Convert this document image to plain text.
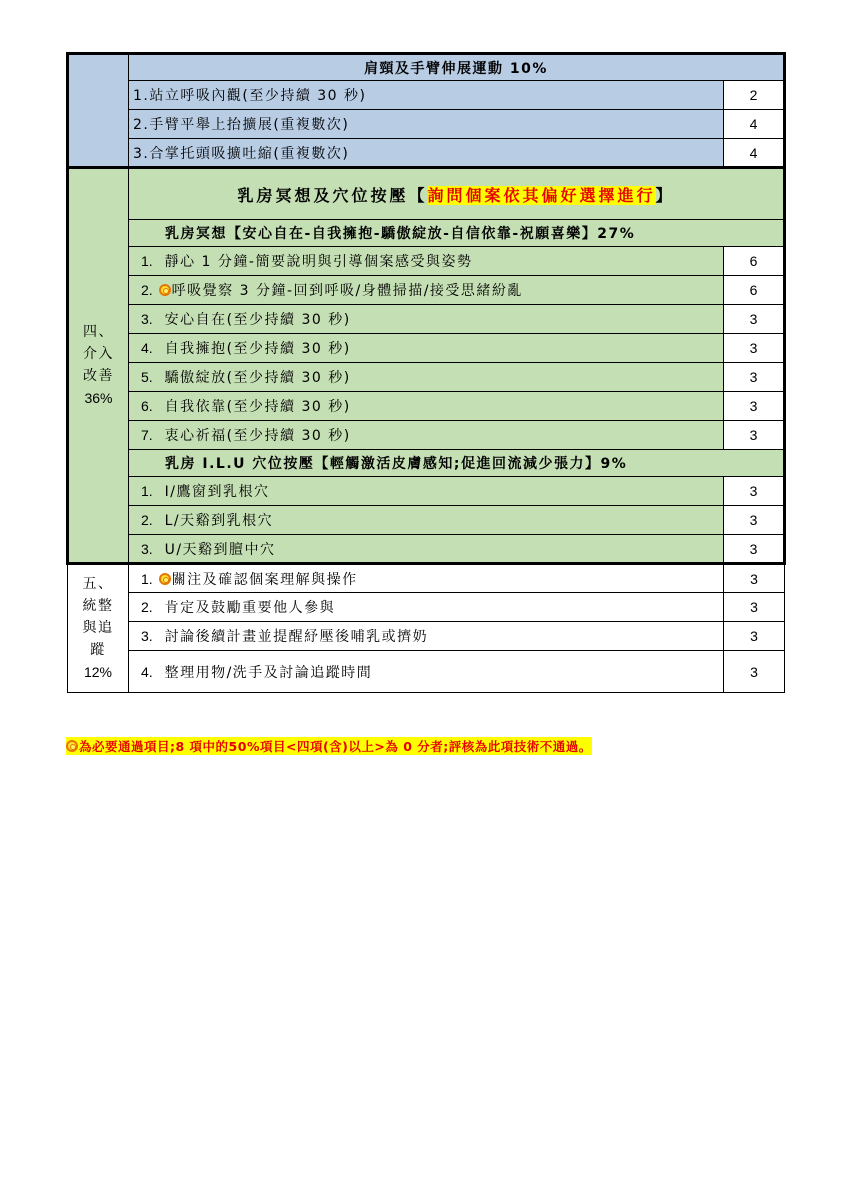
	肩頸及手臂伸展運動 10%	
	1.站立呼吸內觀(至少持續 30 秒)	2
	2.手臂平舉上抬擴展(重複數次)	4
	3.合掌托頭吸擴吐縮(重複數次)	4
四、
介入
改善
36%	乳房冥想及穴位按壓【詢問個案依其偏好選擇進行】	
	乳房冥想【安心自在-自我擁抱-驕傲綻放-自信依靠-祝願喜樂】27%	
	1. 靜心 1 分鐘-簡要說明與引導個案感受與姿勢	6
	2. 呼吸覺察 3 分鐘-回到呼吸/身體掃描/接受思緒紛亂	6
	3. 安心自在(至少持續 30 秒)	3
	4. 自我擁抱(至少持續 30 秒)	3
	5. 驕傲綻放(至少持續 30 秒)	3
	6. 自我依靠(至少持續 30 秒)	3
	7. 衷心祈福(至少持續 30 秒)	3
	乳房 I.L.U 穴位按壓【輕觸激活皮膚感知;促進回流減少張力】9%	
	1. I/鷹窗到乳根穴	3
	2. L/天谿到乳根穴	3
	3. U/天谿到膻中穴	3
五、
統整
與追
蹤
12%	1. 關注及確認個案理解與操作	3
	2. 肯定及鼓勵重要他人參與	3
	3. 討論後續計畫並提醒紓壓後哺乳或擠奶	3
	4. 整理用物/洗手及討論追蹤時間	3
為必要通過項目;8 項中的50%項目<四項(含)以上>為 0 分者;評核為此項技術不通過。
